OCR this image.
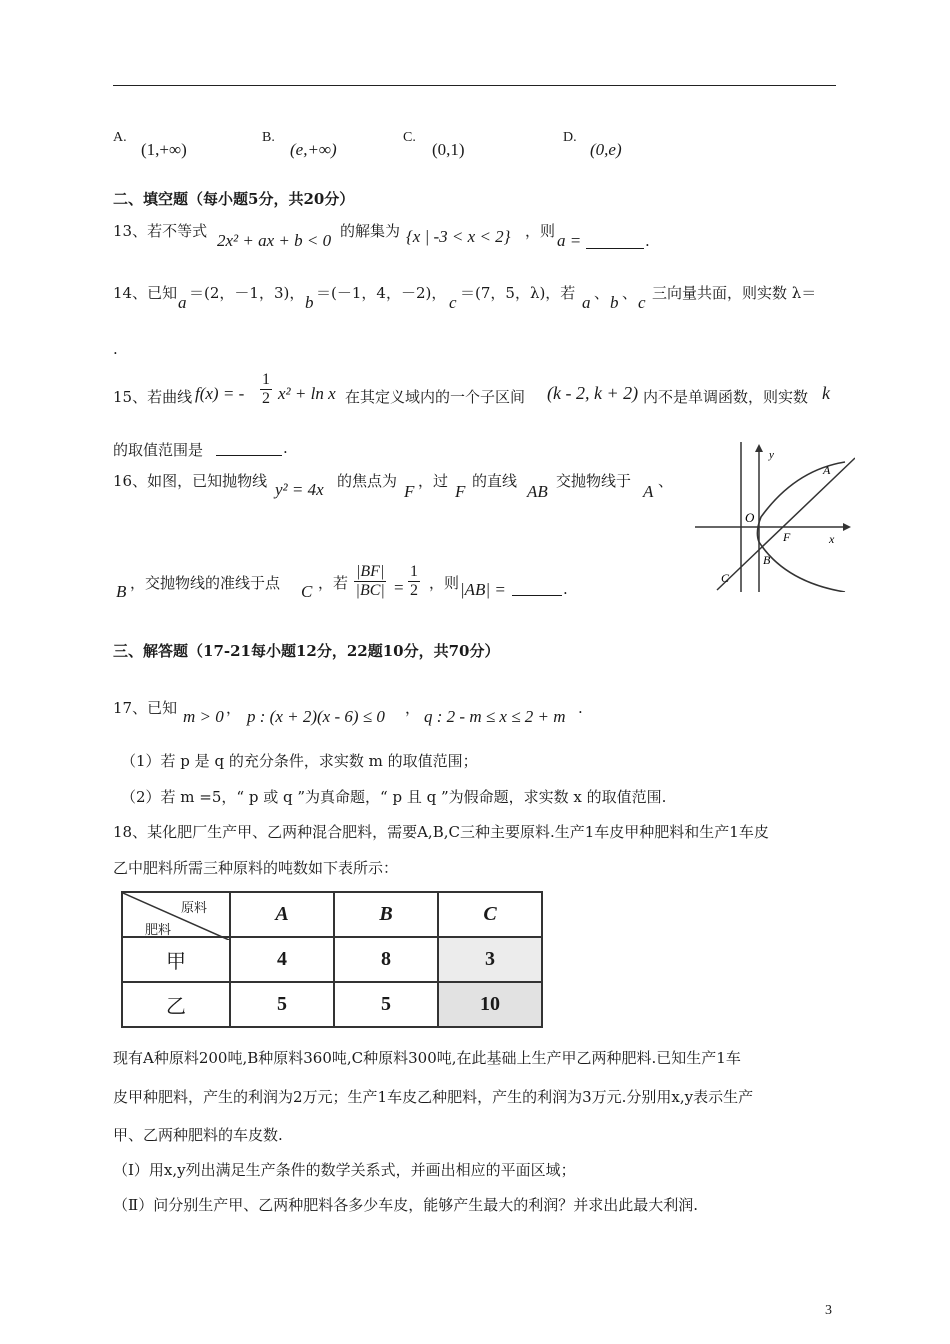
A.
(1,+∞)
B.
(e,+∞)
C.
(0,1)
D.
(0,e)
二、填空题（每小题5分，共20分）
13、若不等式 2x² + ax + b < 0 的解集为 {x | -3 < x < 2} ，则 a =	.
14、已知 a ＝(2，－1，3)， b ＝(－1，4，－2)， c ＝(7，5，λ)，若 a 、 b 、 c 三向量共面，则实数 λ＝
.
15、若曲线 f(x) = - $\frac{1}{2} x^2 + \ln x$ 在其定义域内的一个子区间 (k - 2, k + 2) 内不是单调函数，则实数 k
的取值范围是	.
16、如图，已知抛物线 y² = 4x 的焦点为
F
，过
F
的直线
AB
交抛物线于
A
、
B ，交抛物线的准线于点 C ，若 $\frac{|BF|}{|BC|} = \frac{1}{2}$ ，则 |AB| =	.
y
x
O
F
A
B
C
三、解答题（17-21每小题12分，22题10分，共70分）
17、已知 m > 0 ， p : (x + 2)(x - 6) ≤ 0 ， q : 2 - m ≤ x ≤ 2 + m .
（1）若 p 是 q 的充分条件，求实数 m 的取值范围；
（2）若 m =5，“ p 或 q ”为真命题，“ p 且 q ”为假命题，求实数 x 的取值范围.
18、某化肥厂生产甲、乙两种混合肥料，需要A,B,C三种主要原料.生产1车皮甲种肥料和生产1车皮
乙中肥料所需三种原料的吨数如下表所示：
原料
肥料	A	B	C
甲	4	8	3
乙	5	5	10
现有A种原料200吨,B种原料360吨,C种原料300吨,在此基础上生产甲乙两种肥料.已知生产1车
皮甲种肥料，产生的利润为2万元；生产1车皮乙种肥料，产生的利润为3万元.分别用x,y表示生产
甲、乙两种肥料的车皮数.
（Ⅰ）用x,y列出满足生产条件的数学关系式，并画出相应的平面区域；
（Ⅱ）问分别生产甲、乙两种肥料各多少车皮，能够产生最大的利润？并求出此最大利润.
3
